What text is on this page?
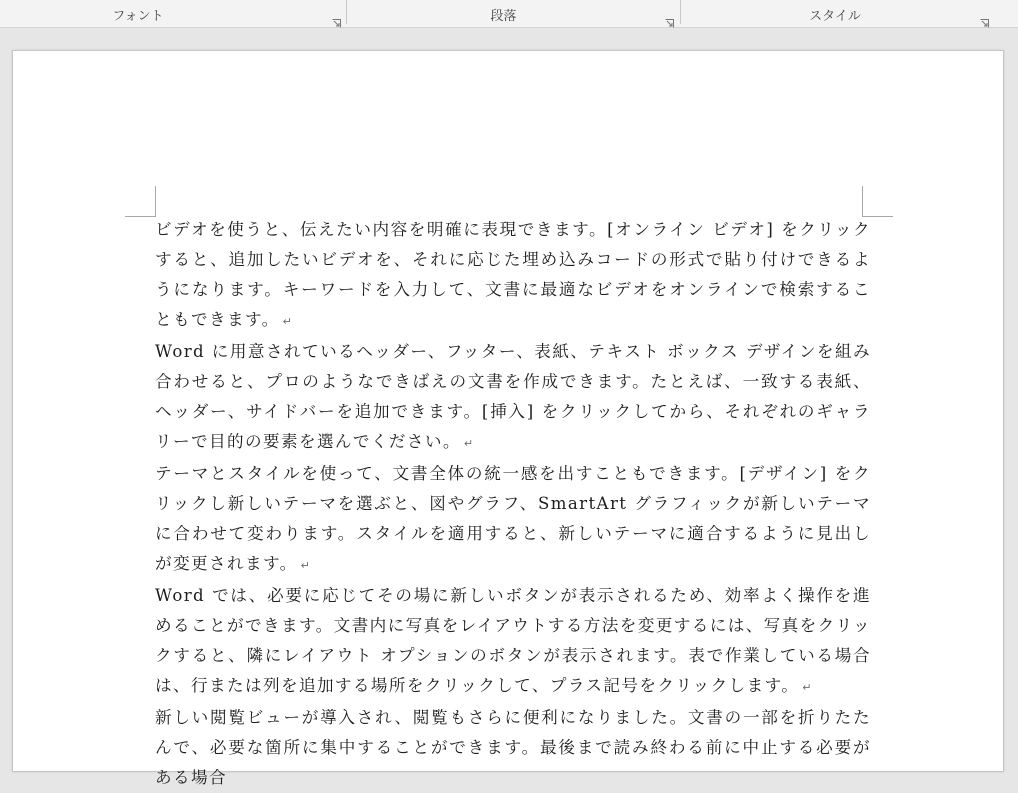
フォント	段落	スタイル

ビデオを使うと、伝えたい内容を明確に表現できます。[オンライン ビデオ] をクリックすると、追加したいビデオを、それに応じた埋め込みコードの形式で貼り付けできるようになります。キーワードを入力して、文書に最適なビデオをオンラインで検索することもできます。 ↵

Word に用意されているヘッダー、フッター、表紙、テキスト ボックス デザインを組み合わせると、プロのようなできばえの文書を作成できます。たとえば、一致する表紙、ヘッダー、サイドバーを追加できます。[挿入] をクリックしてから、それぞれのギャラリーで目的の要素を選んでください。 ↵

テーマとスタイルを使って、文書全体の統一感を出すこともできます。[デザイン] をクリックし新しいテーマを選ぶと、図やグラフ、SmartArt グラフィックが新しいテーマに合わせて変わります。スタイルを適用すると、新しいテーマに適合するように見出しが変更されます。 ↵

Word では、必要に応じてその場に新しいボタンが表示されるため、効率よく操作を進めることができます。文書内に写真をレイアウトする方法を変更するには、写真をクリックすると、隣にレイアウト オプションのボタンが表示されます。表で作業している場合は、行または列を追加する場所をクリックして、プラス記号をクリックします。 ↵

新しい閲覧ビューが導入され、閲覧もさらに便利になりました。文書の一部を折りたたんで、必要な箇所に集中することができます。最後まで読み終わる前に中止する必要がある場合
